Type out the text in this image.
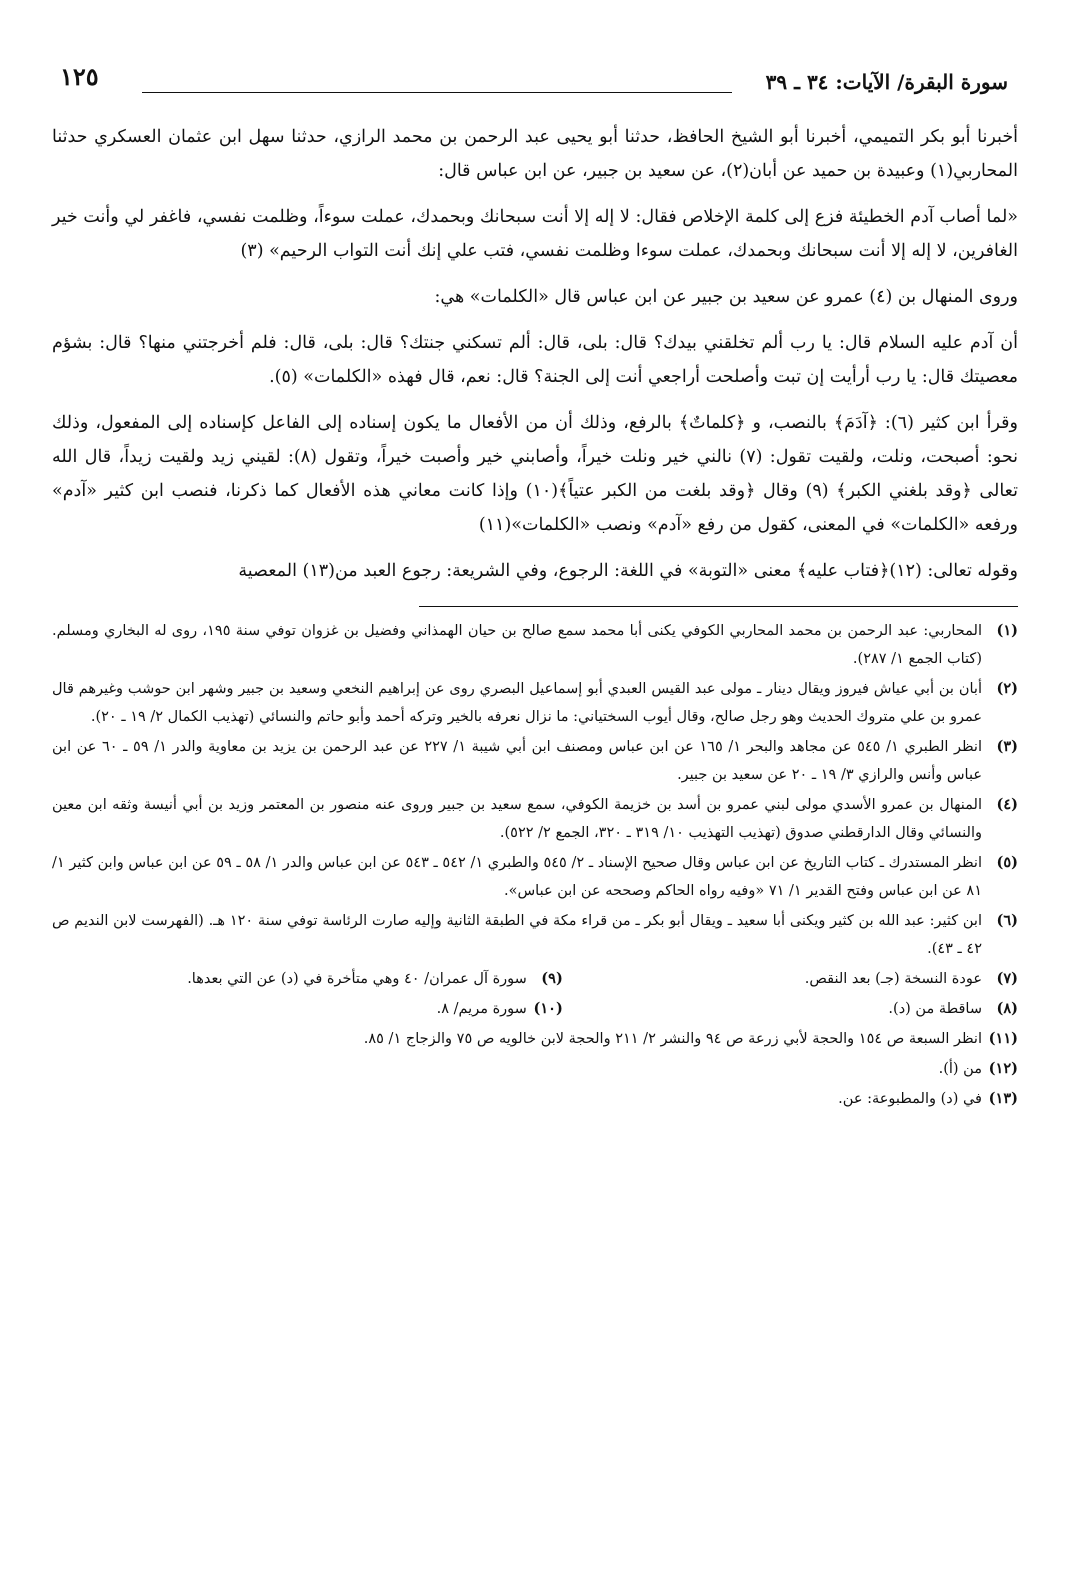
سورة البقرة/ الآيات: ٣٤ ـ ٣٩
١٢٥

أخبرنا أبو بكر التميمي، أخبرنا أبو الشيخ الحافظ، حدثنا أبو يحيى عبد الرحمن بن محمد الرازي، حدثنا سهل ابن عثمان العسكري حدثنا المحاربي(١) وعبيدة بن حميد عن أبان(٢)، عن سعيد بن جبير، عن ابن عباس قال:

«لما أصاب آدم الخطيئة فزع إلى كلمة الإخلاص فقال: لا إله إلا أنت سبحانك وبحمدك، عملت سوءاً، وظلمت نفسي، فاغفر لي وأنت خير الغافرين، لا إله إلا أنت سبحانك وبحمدك، عملت سوءا وظلمت نفسي، فتب علي إنك أنت التواب الرحيم» (٣)

وروى المنهال بن (٤) عمرو عن سعيد بن جبير عن ابن عباس قال «الكلمات» هي:

أن آدم عليه السلام قال: يا رب ألم تخلقني بيدك؟ قال: بلى، قال: ألم تسكني جنتك؟ قال: بلى، قال: فلم أخرجتني منها؟ قال: بشؤم معصيتك قال: يا رب أرأيت إن تبت وأصلحت أراجعي أنت إلى الجنة؟ قال: نعم، قال فهذه «الكلمات» (٥).

وقرأ ابن كثير (٦): ﴿آدَمَ﴾ بالنصب، و ﴿كلماتٌ﴾ بالرفع، وذلك أن من الأفعال ما يكون إسناده إلى الفاعل كإسناده إلى المفعول، وذلك نحو: أصبحت، ونلت، ولقيت تقول: (٧) نالني خير ونلت خيراً، وأصابني خير وأصبت خيراً، وتقول (٨): لقيني زيد ولقيت زيداً، قال الله تعالى ﴿وقد بلغني الكبر﴾ (٩) وقال ﴿وقد بلغت من الكبر عتياً﴾(١٠) وإذا كانت معاني هذه الأفعال كما ذكرنا، فنصب ابن كثير «آدم» ورفعه «الكلمات» في المعنى، كقول من رفع «آدم» ونصب «الكلمات»(١١)

وقوله تعالى: (١٢)﴿فتاب عليه﴾ معنى «التوبة» في اللغة: الرجوع، وفي الشريعة: رجوع العبد من(١٣) المعصية

(١)
المحاربي: عبد الرحمن بن محمد المحاربي الكوفي يكنى أبا محمد سمع صالح بن حيان الهمذاني وفضيل بن غزوان توفي سنة ١٩٥، روى له البخاري ومسلم. (كتاب الجمع ١/ ٢٨٧).
(٢)
أبان بن أبي عياش فيروز ويقال دينار ـ مولى عبد القيس العبدي أبو إسماعيل البصري روى عن إبراهيم النخعي وسعيد بن جبير وشهر ابن حوشب وغيرهم قال عمرو بن علي متروك الحديث وهو رجل صالح، وقال أيوب السختياني: ما نزال نعرفه بالخير وتركه أحمد وأبو حاتم والنسائي (تهذيب الكمال ٢/ ١٩ ـ ٢٠).
(٣)
انظر الطبري ١/ ٥٤٥ عن مجاهد والبحر ١/ ١٦٥ عن ابن عباس ومصنف ابن أبي شيبة ١/ ٢٢٧ عن عبد الرحمن بن يزيد بن معاوية والدر ١/ ٥٩ ـ ٦٠ عن ابن عباس وأنس والرازي ٣/ ١٩ ـ ٢٠ عن سعيد بن جبير.
(٤)
المنهال بن عمرو الأسدي مولى لبني عمرو بن أسد بن خزيمة الكوفي، سمع سعيد بن جبير وروى عنه منصور بن المعتمر وزيد بن أبي أنيسة وثقه ابن معين والنسائي وقال الدارقطني صدوق (تهذيب التهذيب ١٠/ ٣١٩ ـ ٣٢٠، الجمع ٢/ ٥٢٢).
(٥)
انظر المستدرك ـ كتاب التاريخ عن ابن عباس وقال صحيح الإسناد ـ ٢/ ٥٤٥ والطبري ١/ ٥٤٢ ـ ٥٤٣ عن ابن عباس والدر ١/ ٥٨ ـ ٥٩ عن ابن عباس وابن كثير ١/ ٨١ عن ابن عباس وفتح القدير ١/ ٧١ «وفيه رواه الحاكم وصححه عن ابن عباس».
(٦)
ابن كثير: عبد الله بن كثير ويكنى أبا سعيد ـ ويقال أبو بكر ـ من قراء مكة في الطبقة الثانية وإليه صارت الرئاسة توفي سنة ١٢٠ هـ. (الفهرست لابن النديم ص ٤٢ ـ ٤٣).
(٧)
عودة النسخة (جـ) بعد النقص.
(٩)
سورة آل عمران/ ٤٠ وهي متأخرة في (د) عن التي بعدها.
(٨)
ساقطة من (د).
(١٠)
سورة مريم/ ٨.
(١١)
انظر السبعة ص ١٥٤ والحجة لأبي زرعة ص ٩٤ والنشر ٢/ ٢١١ والحجة لابن خالويه ص ٧٥ والزجاج ١/ ٨٥.
(١٢)
من (أ).
(١٣)
في (د) والمطبوعة: عن.
